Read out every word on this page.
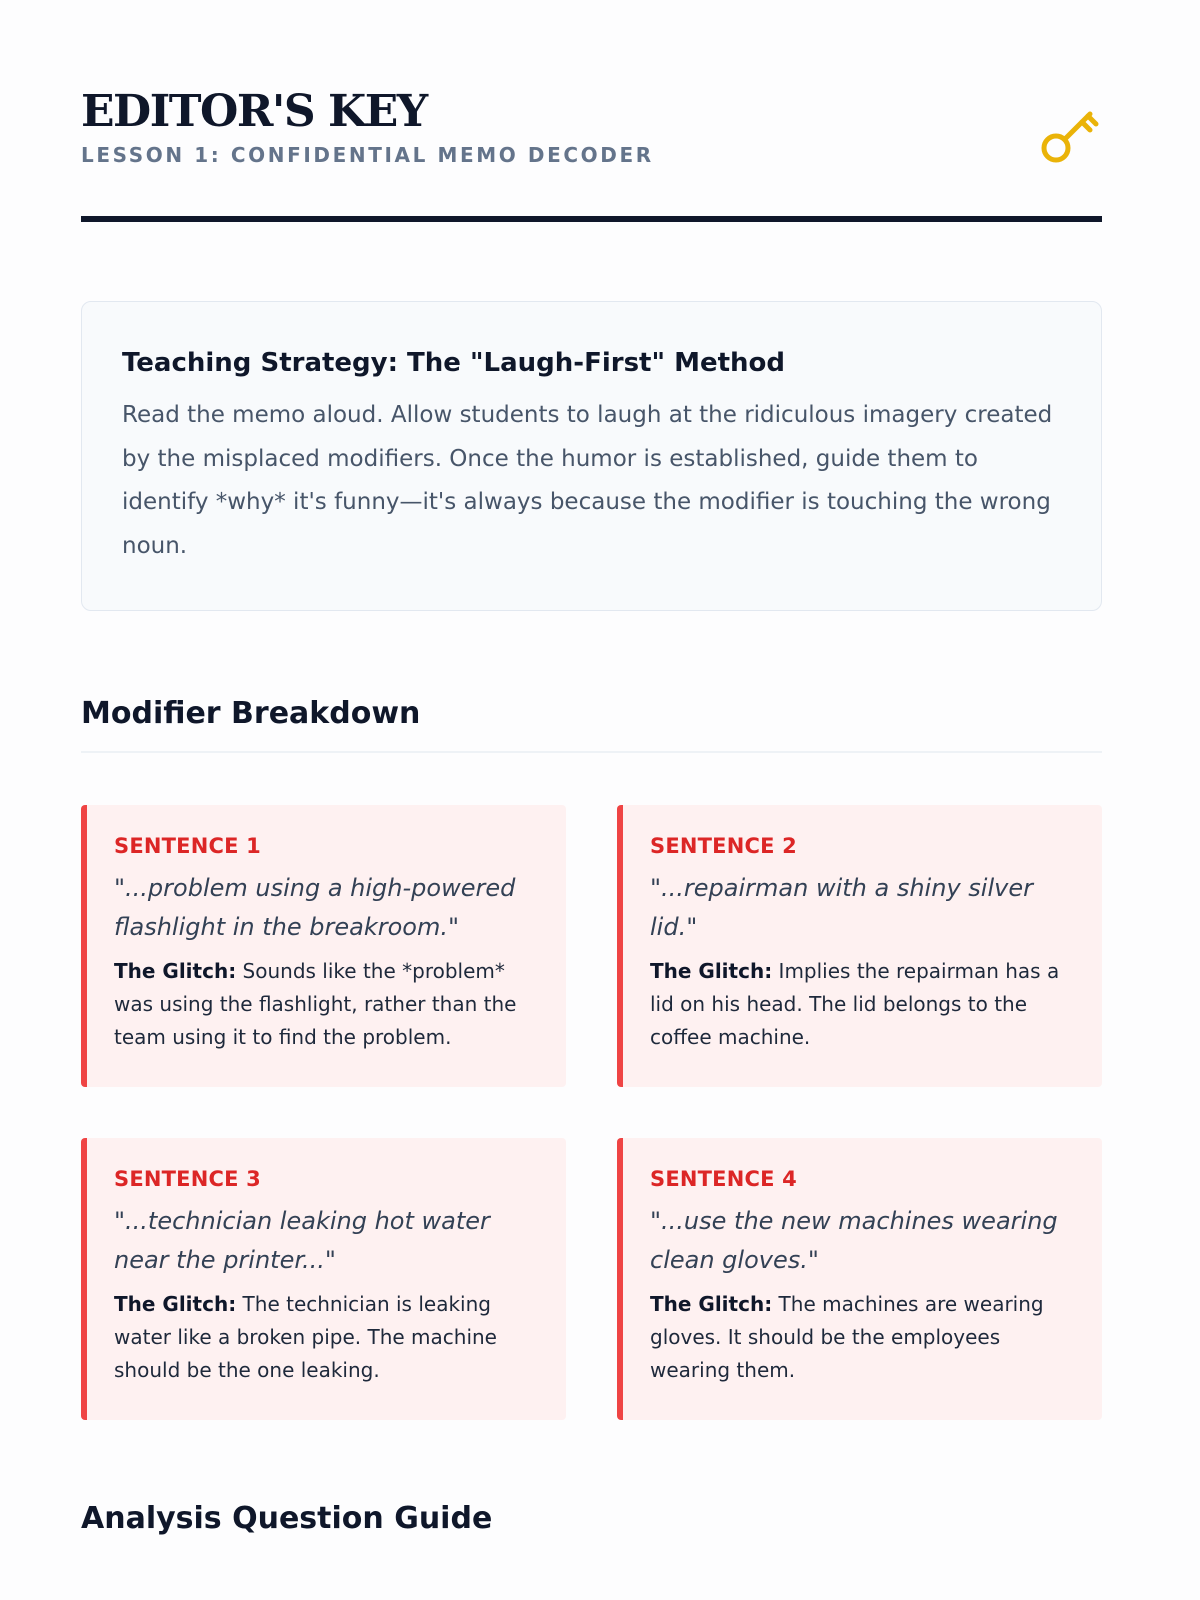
EDITOR'S KEY
LESSON 1: CONFIDENTIAL MEMO DECODER
Teaching Strategy: The "Laugh-First" Method

Read the memo aloud. Allow students to laugh at the ridiculous imagery created by the misplaced modifiers. Once the humor is established, guide them to identify *why* it's funny—it's always because the modifier is touching the wrong noun.

Modifier Breakdown
SENTENCE 1
"...problem using a high-powered flashlight in the breakroom."
The Glitch: Sounds like the *problem* was using the flashlight, rather than the team using it to find the problem.
SENTENCE 2
"...repairman with a shiny silver lid."
The Glitch: Implies the repairman has a lid on his head. The lid belongs to the coffee machine.
SENTENCE 3
"...technician leaking hot water near the printer..."
The Glitch: The technician is leaking water like a broken pipe. The machine should be the one leaking.
SENTENCE 4
"...use the new machines wearing clean gloves."
The Glitch: The machines are wearing gloves. It should be the employees wearing them.
Analysis Question Guide
